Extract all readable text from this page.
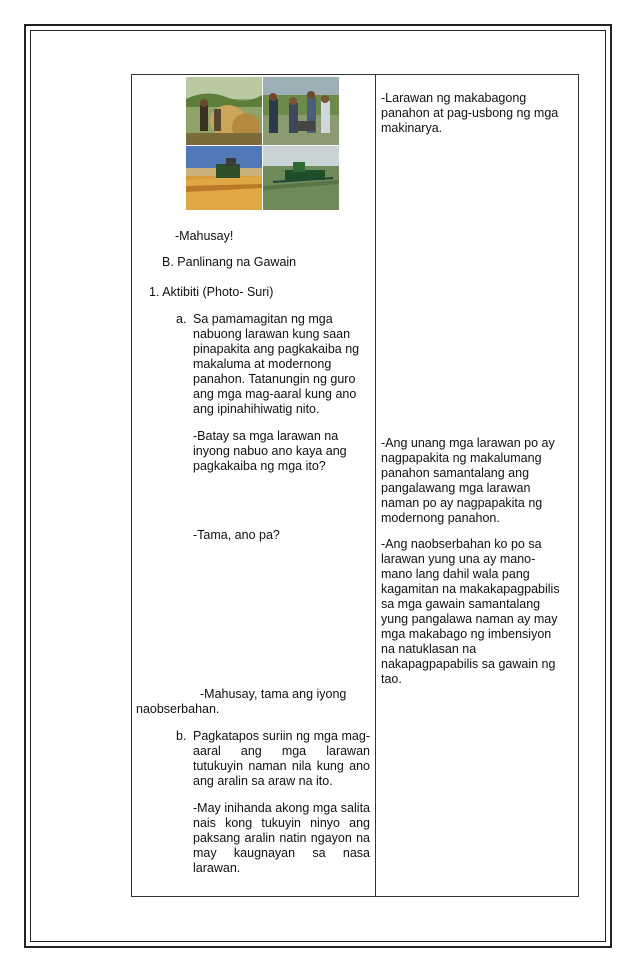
-Mahusay!
B. Panlinang na Gawain
1. Aktibiti (Photo- Suri)
a. Sa pamamagitan ng mga nabuong larawan kung saan pinapakita ang pagkakaiba ng makaluma at modernong panahon. Tatanungin ng guro ang mga mag-aaral kung ano ang ipinahihiwatig nito.
-Batay sa mga larawan na inyong nabuo ano kaya ang pagkakaiba ng mga ito?
-Tama, ano pa?
-Mahusay, tama ang iyong
naobserbahan.
b. Pagkatapos suriin ng mga mag-aaral ang mga larawan tutukuyin naman nila kung ano ang aralin sa araw na ito.
-May inihanda akong mga salita nais kong tukuyin ninyo ang paksang aralin natin ngayon na may kaugnayan sa nasa larawan.
-Larawan ng makabagong panahon at pag-usbong ng mga makinarya.
-Ang unang mga larawan po ay nagpapakita ng makalumang panahon samantalang ang pangalawang mga larawan naman po ay nagpapakita ng modernong panahon.
-Ang naobserbahan ko po sa larawan yung una ay mano-mano lang dahil wala pang kagamitan na makakapagpabilis sa mga gawain samantalang yung pangalawa naman ay may mga makabago ng imbensiyon na natuklasan na nakapagpapabilis sa gawain ng tao.
